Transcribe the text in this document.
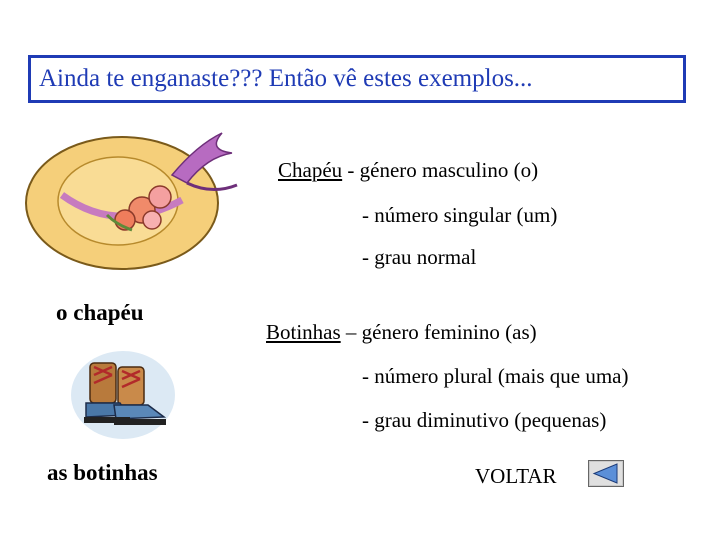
Ainda te enganaste??? Então vê estes exemplos...
Chapéu - género masculino (o)
- número singular (um)
- grau normal
o chapéu
Botinhas – género feminino (as)
- número plural (mais que uma)
- grau diminutivo (pequenas)
as botinhas	VOLTAR
